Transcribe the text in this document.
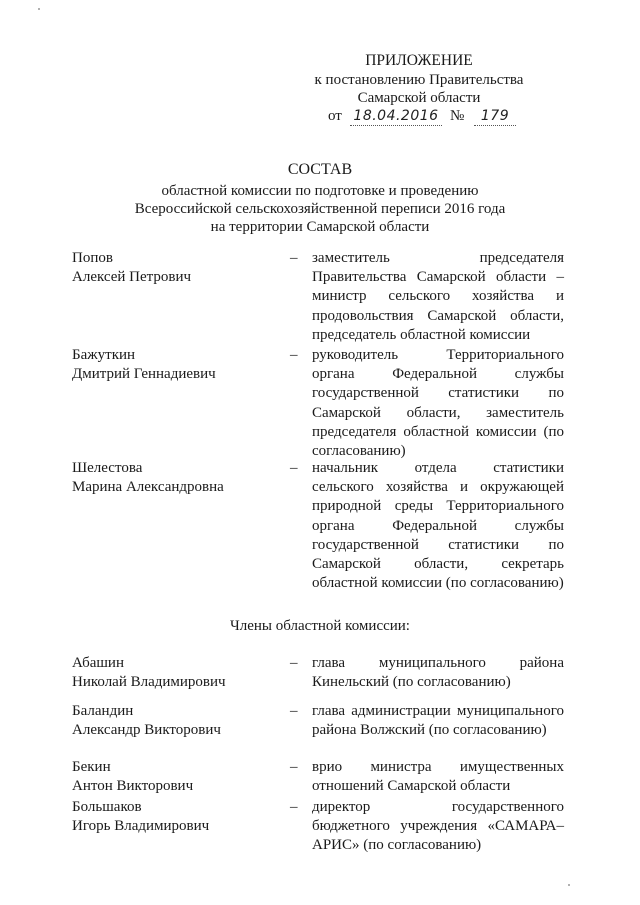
ПРИЛОЖЕНИЕ
к постановлению Правительства
Самарской области
от 18.04.2016 №	179
СОСТАВ
областной комиссии по подготовке и проведению
Всероссийской сельскохозяйственной переписи 2016 года
на территории Самарской области
Попов
Алексей Петрович
– заместитель председателя Правительства Самарской области – министр сельского хозяйства и продовольствия Самарской области, председатель областной комиссии
Бажуткин
Дмитрий Геннадиевич
– руководитель Территориального органа Федеральной службы государственной статистики по Самарской области, заместитель председателя областной комиссии (по согласованию)
Шелестова
Марина Александровна
– начальник отдела статистики сельского хозяйства и окружающей природной среды Территориального органа Федеральной службы государственной статистики по Самарской области, секретарь областной комиссии (по согласованию)
Члены областной комиссии:
Абашин
Николай Владимирович
– глава муниципального района Кинельский (по согласованию)
Баландин
Александр Викторович
– глава администрации муниципального района Волжский (по согласованию)
Бекин
Антон Викторович
– врио министра имущественных отношений Самарской области
Большаков
Игорь Владимирович
– директор государственного бюджетного учреждения «САМАРА–АРИС» (по согласованию)
